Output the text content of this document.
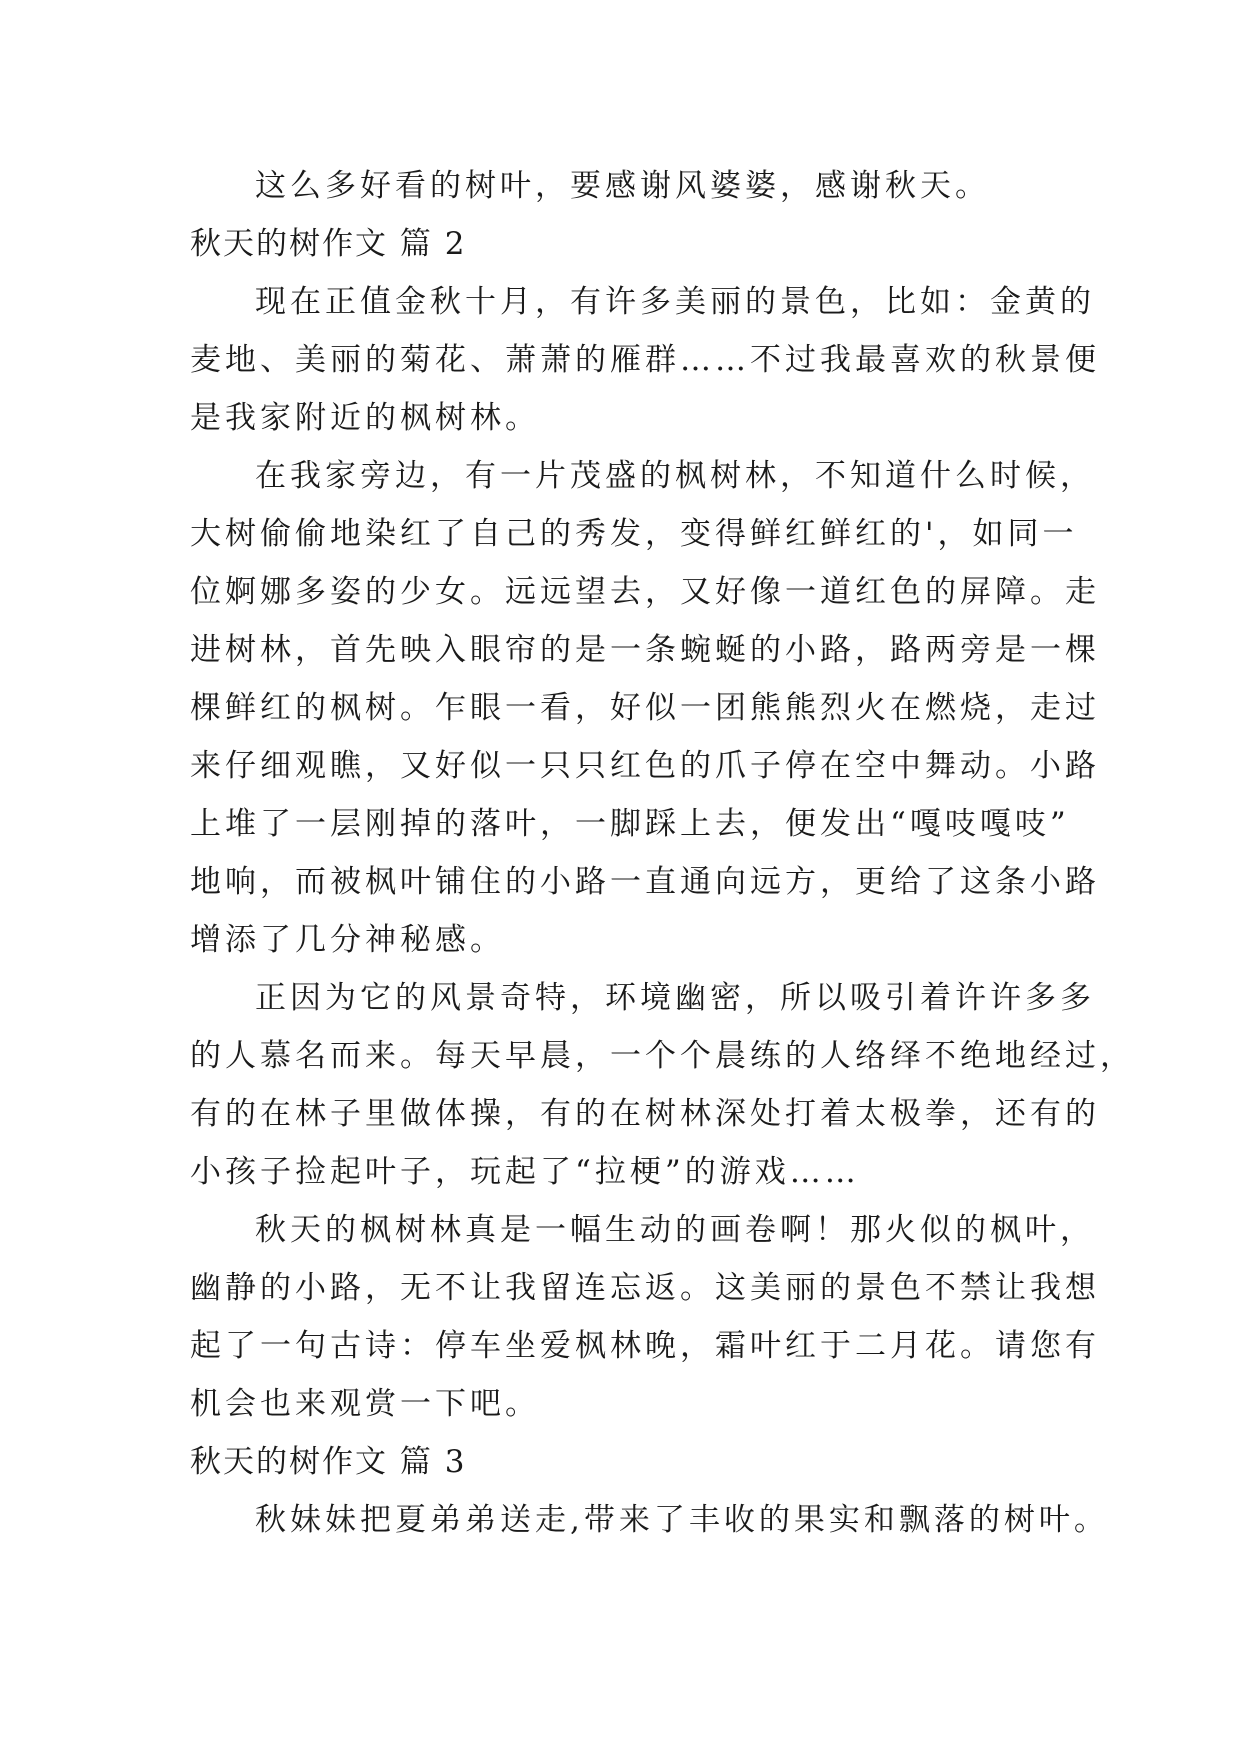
这么多好看的树叶，要感谢风婆婆，感谢秋天。
秋天的树作文 篇 2
现在正值金秋十月，有许多美丽的景色，比如：金黄的
麦地、美丽的菊花、萧萧的雁群……不过我最喜欢的秋景便
是我家附近的枫树林。
在我家旁边，有一片茂盛的枫树林，不知道什么时候，
大树偷偷地染红了自己的秀发，变得鲜红鲜红的'，如同一
位婀娜多姿的少女。远远望去，又好像一道红色的屏障。走
进树林，首先映入眼帘的是一条蜿蜒的小路，路两旁是一棵
棵鲜红的枫树。乍眼一看，好似一团熊熊烈火在燃烧，走过
来仔细观瞧，又好似一只只红色的爪子停在空中舞动。小路
上堆了一层刚掉的落叶，一脚踩上去，便发出“嘎吱嘎吱”
地响，而被枫叶铺住的小路一直通向远方，更给了这条小路
增添了几分神秘感。
正因为它的风景奇特，环境幽密，所以吸引着许许多多
的人慕名而来。每天早晨，一个个晨练的人络绎不绝地经过，
有的在林子里做体操，有的在树林深处打着太极拳，还有的
小孩子捡起叶子，玩起了“拉梗”的游戏……
秋天的枫树林真是一幅生动的画卷啊！那火似的枫叶，
幽静的小路，无不让我留连忘返。这美丽的景色不禁让我想
起了一句古诗：停车坐爱枫林晚，霜叶红于二月花。请您有
机会也来观赏一下吧。
秋天的树作文 篇 3
秋妹妹把夏弟弟送走,带来了丰收的果实和飘落的树叶。
